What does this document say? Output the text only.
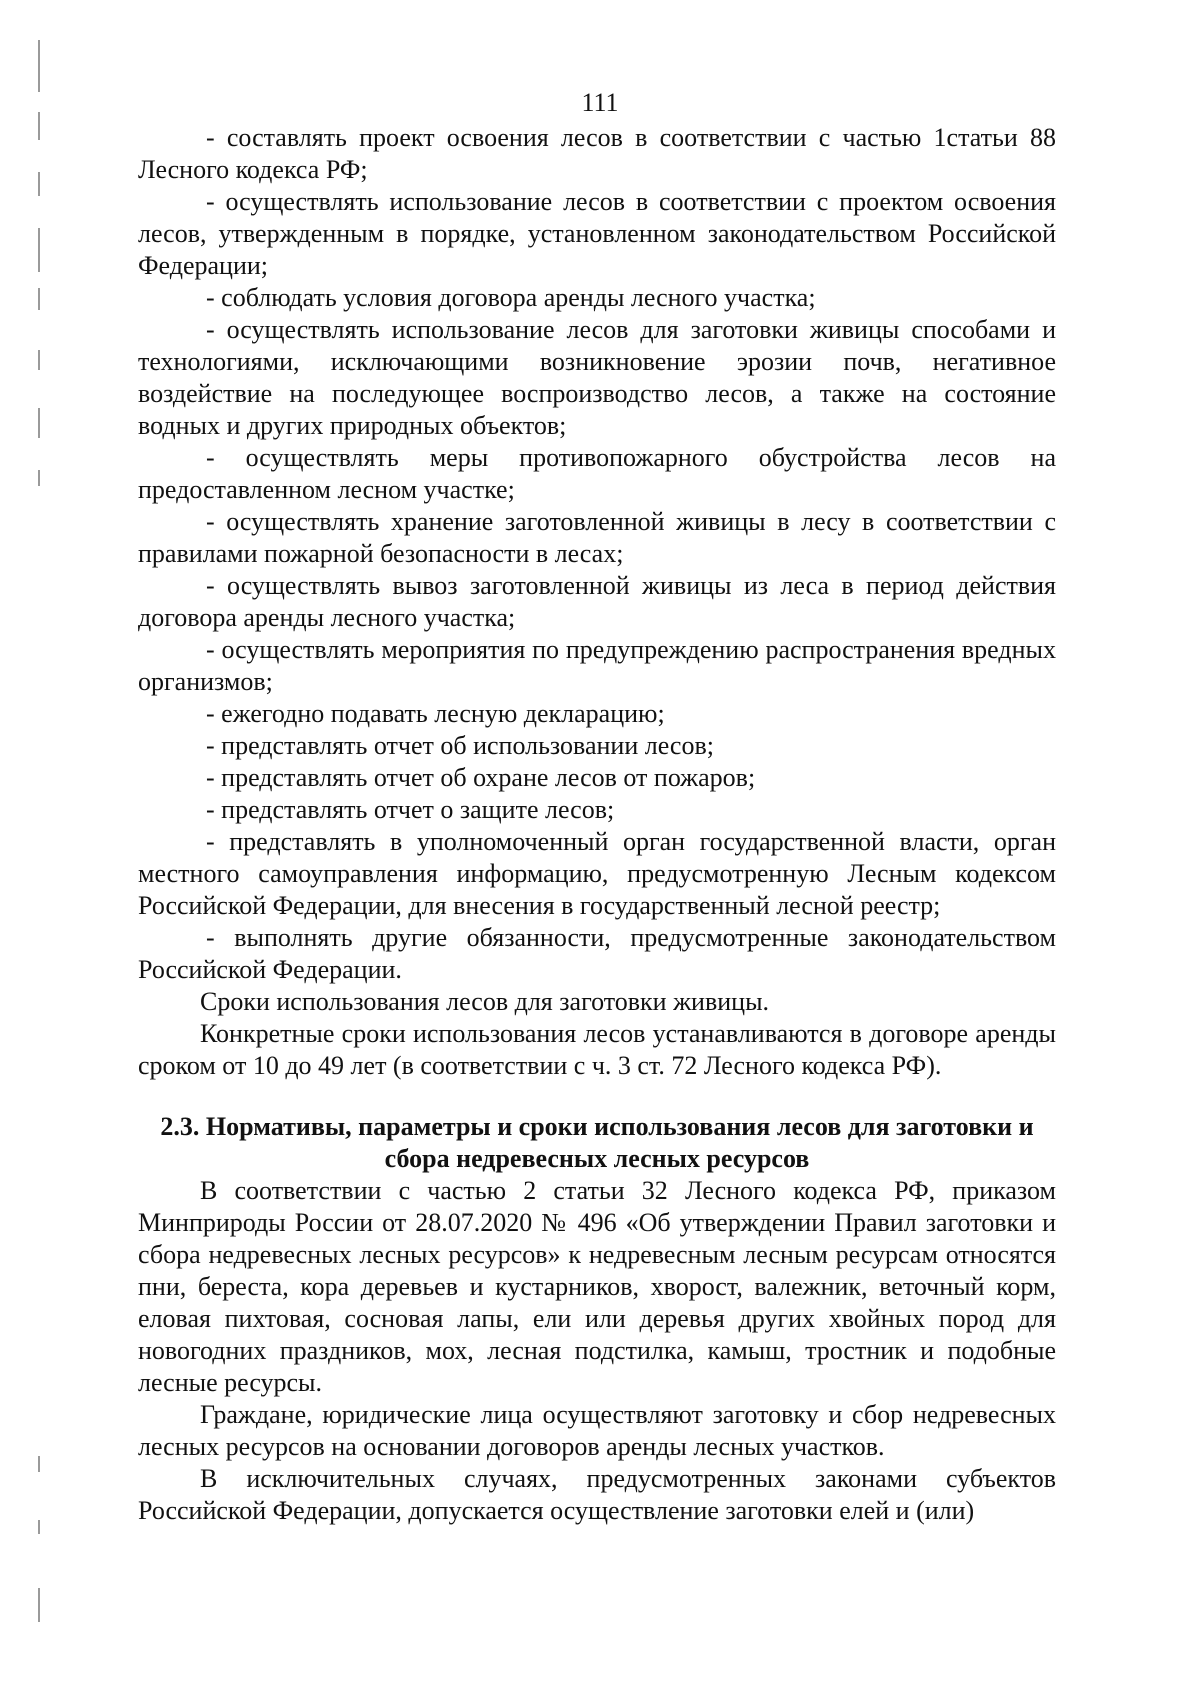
111

- составлять проект освоения лесов в соответствии с частью 1статьи 88 Лесного кодекса РФ;

- осуществлять использование лесов в соответствии с проектом освоения лесов, утвержденным в порядке, установленном законодательством Российской Федерации;

- соблюдать условия договора аренды лесного участка;

- осуществлять использование лесов для заготовки живицы способами и технологиями, исключающими возникновение эрозии почв, негативное воздействие на последующее воспроизводство лесов, а также на состояние водных и других природных объектов;

- осуществлять меры противопожарного обустройства лесов на предоставленном лесном участке;

- осуществлять хранение заготовленной живицы в лесу в соответствии с правилами пожарной безопасности в лесах;

- осуществлять вывоз заготовленной живицы из леса в период действия договора аренды лесного участка;

- осуществлять мероприятия по предупреждению распространения вредных организмов;

- ежегодно подавать лесную декларацию;

- представлять отчет об использовании лесов;

- представлять отчет об охране лесов от пожаров;

- представлять отчет о защите лесов;

- представлять в уполномоченный орган государственной власти, орган местного самоуправления информацию, предусмотренную Лесным кодексом Российской Федерации, для внесения в государственный лесной реестр;

- выполнять другие обязанности, предусмотренные законодательством Российской Федерации.

Сроки использования лесов для заготовки живицы.

Конкретные сроки использования лесов устанавливаются в договоре аренды сроком от 10 до 49 лет (в соответствии с ч. 3 ст. 72 Лесного кодекса РФ).

2.3. Нормативы, параметры и сроки использования лесов для заготовки и
сбора недревесных лесных ресурсов

В соответствии с частью 2 статьи 32 Лесного кодекса РФ, приказом Минприроды России от 28.07.2020 № 496 «Об утверждении Правил заготовки и сбора недревесных лесных ресурсов» к недревесным лесным ресурсам относятся пни, береста, кора деревьев и кустарников, хворост, валежник, веточный корм, еловая пихтовая, сосновая лапы, ели или деревья других хвойных пород для новогодних праздников, мох, лесная подстилка, камыш, тростник и подобные лесные ресурсы.

Граждане, юридические лица осуществляют заготовку и сбор недревесных лесных ресурсов на основании договоров аренды лесных участков.

В исключительных случаях, предусмотренных законами субъектов Российской Федерации, допускается осуществление заготовки елей и (или)
